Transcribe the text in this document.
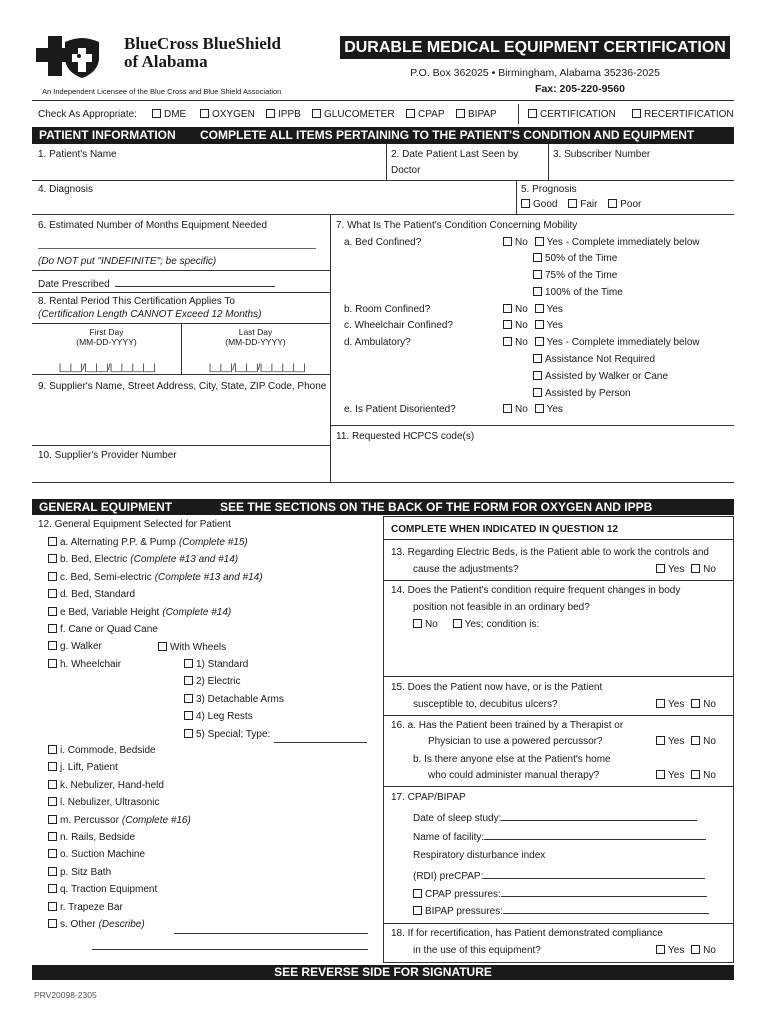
BlueCross BlueShield
of Alabama
An Independent Licensee of the Blue Cross and Blue Shield Association
DURABLE MEDICAL EQUIPMENT CERTIFICATION
P.O. Box 362025 • Birmingham, Alabama 35236-2025
Fax: 205-220-9560
Check As Appropriate:	DME	OXYGEN	IPPB	GLUCOMETER	CPAP	BIPAP	CERTIFICATION	RECERTIFICATION
PATIENT INFORMATION COMPLETE ALL ITEMS PERTAINING TO THE PATIENT'S CONDITION AND EQUIPMENT
1. Patient's Name	2. Date Patient Last Seen by
Doctor
3. Subscriber Number
4. Diagnosis	5. Prognosis
Good Fair Poor
6. Estimated Number of Months Equipment Needed
(Do NOT put "INDEFINITE"; be specific)
Date Prescribed
8. Rental Period This Certification Applies To
(Certification Length CANNOT Exceed 12 Months)
First Day
(MM-DD-YYYY)
Last Day
(MM-DD-YYYY)
|__|__|/|__|__|/|__|__|__|__|	|__|__|/|__|__|/|__|__|__|__|
9. Supplier's Name, Street Address, City, State, ZIP Code, Phone
10. Supplier's Provider Number
7. What Is The Patient's Condition Concerning Mobility
a. Bed Confined?	No Yes - Complete immediately below
50% of the Time
75% of the Time
100% of the Time
b. Room Confined?	No Yes
c. Wheelchair Confined?	No Yes
d. Ambulatory?	No Yes - Complete immediately below
Assistance Not Required
Assisted by Walker or Cane
Assisted by Person
e. Is Patient Disoriented?	No Yes
11. Requested HCPCS code(s)
GENERAL EQUIPMENT	SEE THE SECTIONS ON THE BACK OF THE FORM FOR OXYGEN AND IPPB
12. General Equipment Selected for Patient
a. Alternating P.P. & Pump (Complete #15)
b. Bed, Electric (Complete #13 and #14)
c. Bed, Semi-electric (Complete #13 and #14)
d. Bed, Standard
e Bed, Variable Height (Complete #14)
f. Cane or Quad Cane
g. Walker
h. Wheelchair
i. Commode, Bedside
j. Lift, Patient
k. Nebulizer, Hand-held
l. Nebulizer, Ultrasonic
m. Percussor (Complete #16)
n. Rails, Bedside
o. Suction Machine
p. Sitz Bath
q. Traction Equipment
r. Trapeze Bar
s. Other (Describe)
With Wheels
1) Standard
2) Electric
3) Detachable Arms
4) Leg Rests
5) Special; Type:
COMPLETE WHEN INDICATED IN QUESTION 12
13. Regarding Electric Beds, is the Patient able to work the controls and
cause the adjustments?	Yes No
14. Does the Patient's condition require frequent changes in body
position not feasible in an ordinary bed?
No	Yes; condition is:
15. Does the Patient now have, or is the Patient
susceptible to, decubitus ulcers?	Yes No
16. a. Has the Patient been trained by a Therapist or
Physician to use a powered percussor?	Yes No
b. Is there anyone else at the Patient's home
who could administer manual therapy?	Yes No
17. CPAP/BIPAP
Date of sleep study:
Name of facility:
Respiratory disturbance index
(RDI) preCPAP:
CPAP pressures:
BIPAP pressures:
18. If for recertification, has Patient demonstrated compliance
in the use of this equipment?	Yes No
SEE REVERSE SIDE FOR SIGNATURE
PRV20098-2305
